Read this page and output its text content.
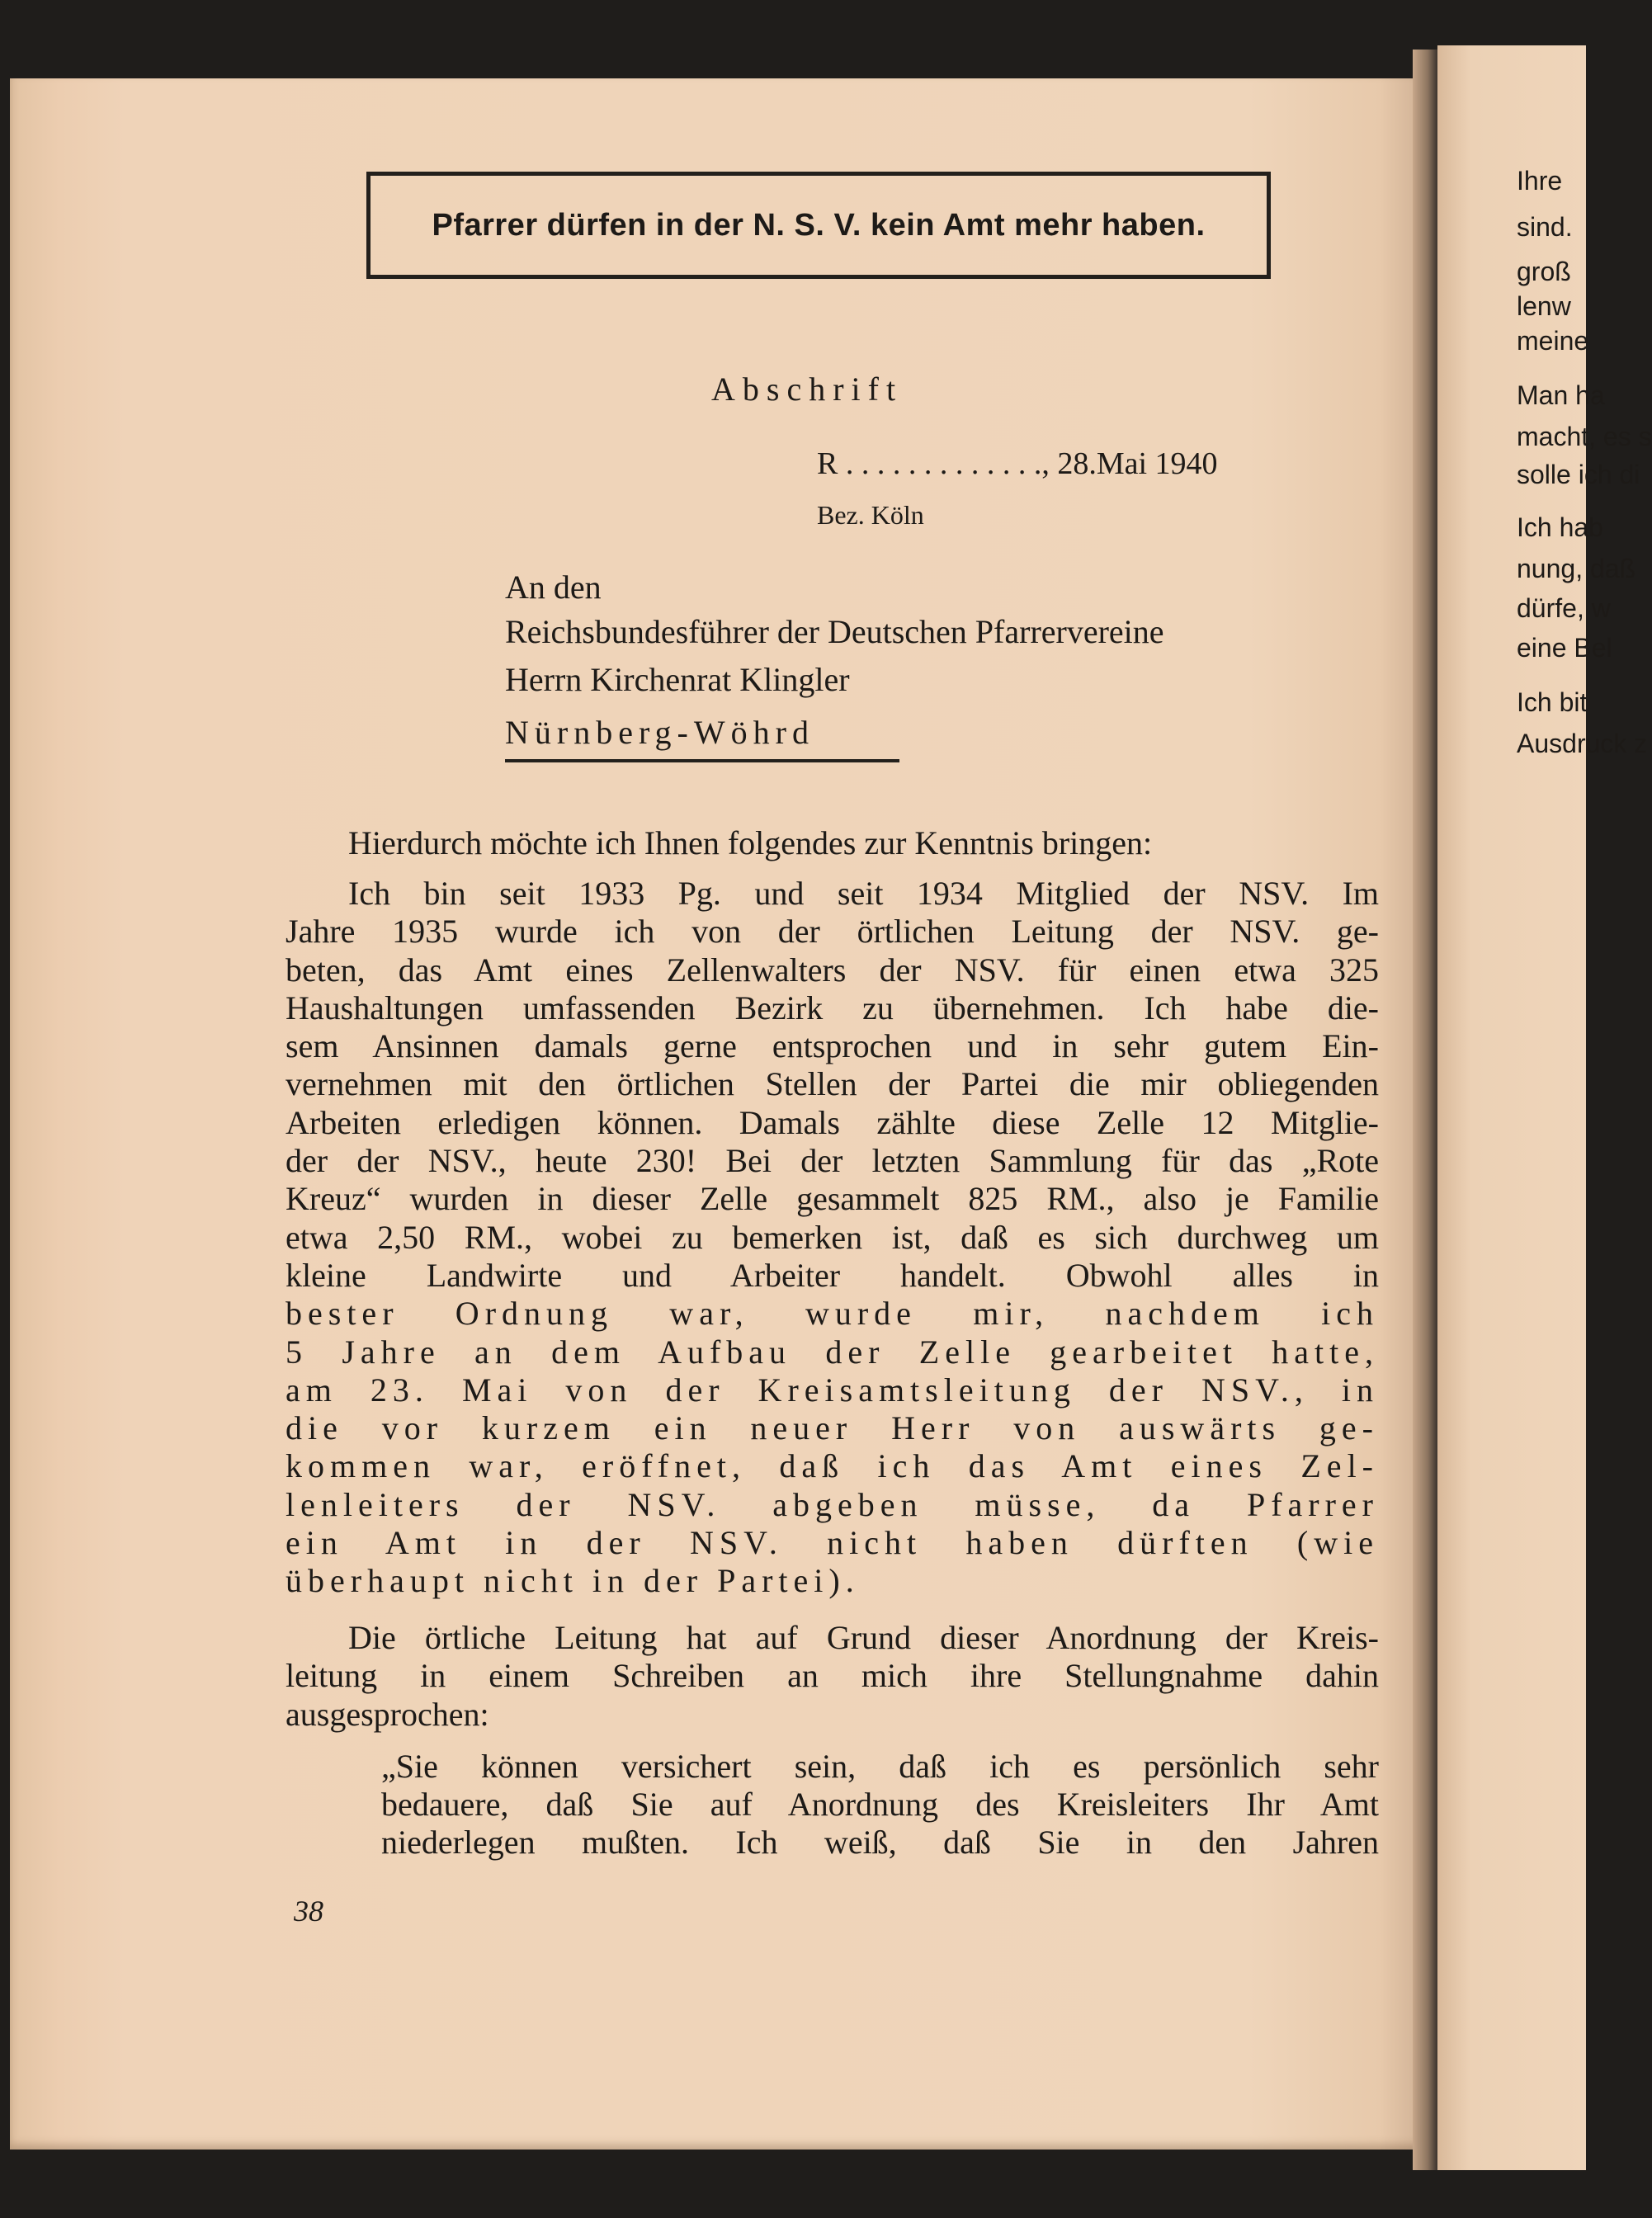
Pfarrer dürfen in der N. S. V. kein Amt mehr haben.
Abschrift
R . . . . . . . . . . . . ., 28.Mai 1940
Bez. Köln
An den
Reichsbundesführer der Deutschen Pfarrervereine
Herrn Kirchenrat Klingler
Nürnberg-Wöhrd
Hierdurch möchte ich Ihnen folgendes zur Kenntnis bringen:
Ich bin seit 1933 Pg. und seit 1934 Mitglied der NSV. Im
Jahre 1935 wurde ich von der örtlichen Leitung der NSV. ge-
beten, das Amt eines Zellenwalters der NSV. für einen etwa 325
Haushaltungen umfassenden Bezirk zu übernehmen. Ich habe die-
sem Ansinnen damals gerne entsprochen und in sehr gutem Ein-
vernehmen mit den örtlichen Stellen der Partei die mir obliegenden
Arbeiten erledigen können. Damals zählte diese Zelle 12 Mitglie-
der der NSV., heute 230! Bei der letzten Sammlung für das „Rote
Kreuz“ wurden in dieser Zelle gesammelt 825 RM., also je Familie
etwa 2,50 RM., wobei zu bemerken ist, daß es sich durchweg um
kleine Landwirte und Arbeiter handelt. Obwohl alles in
bester Ordnung war, wurde mir, nachdem ich
5 Jahre an dem Aufbau der Zelle gearbeitet hatte,
am 23. Mai von der Kreisamtsleitung der NSV., in
die vor kurzem ein neuer Herr von auswärts ge-
kommen war, eröffnet, daß ich das Amt eines Zel-
lenleiters der NSV. abgeben müsse, da Pfarrer
ein Amt in der NSV. nicht haben dürften (wie
überhaupt nicht in der Partei).
Die örtliche Leitung hat auf Grund dieser Anordnung der Kreis-
leitung in einem Schreiben an mich ihre Stellungnahme dahin
ausgesprochen:
„Sie können versichert sein, daß ich es persönlich sehr
bedauere, daß Sie auf Anordnung des Kreisleiters Ihr Amt
niederlegen mußten. Ich weiß, daß Sie in den Jahren
38
Ihre
sind.
groß
lenw
meine
Man ha
macht, es s
solle ich di
Ich hab
nung, daß
dürfe, w
eine Bel
Ich bit
Ausdruck z
